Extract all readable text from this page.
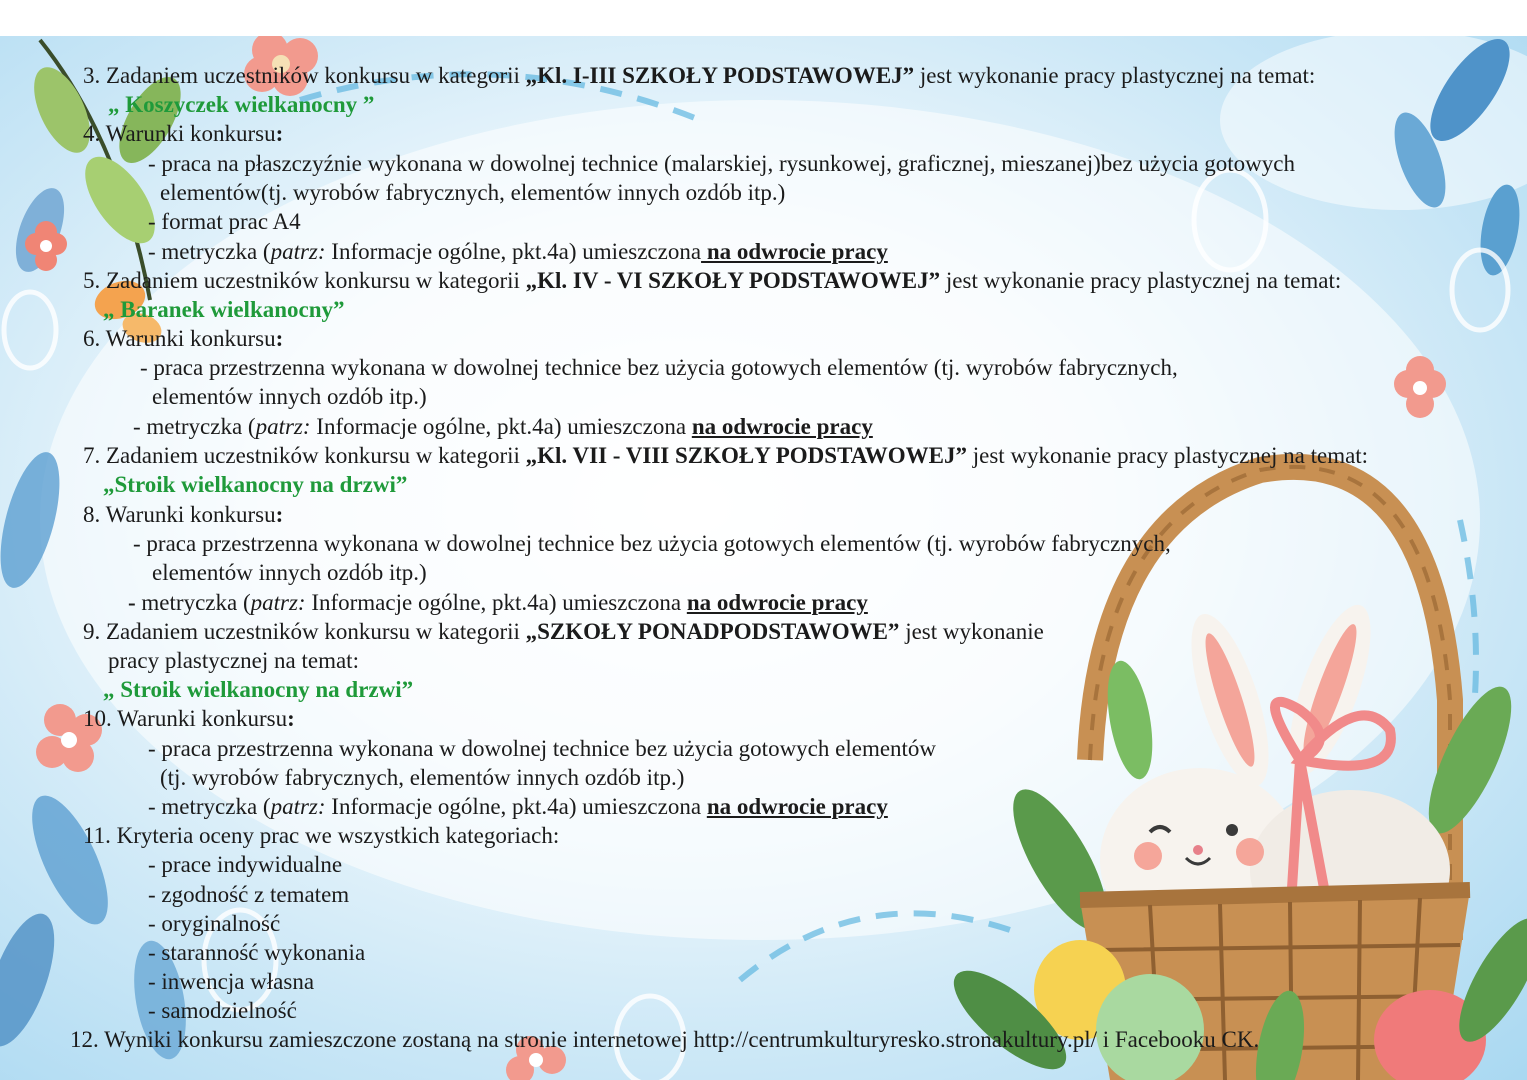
3. Zadaniem uczestników konkursu w kategorii „Kl. I-III SZKOŁY PODSTAWOWEJ” jest wykonanie pracy plastycznej na temat:
„ Koszyczek wielkanocny ”
4. Warunki konkursu:
- praca na płaszczyźnie wykonana w dowolnej technice (malarskiej, rysunkowej, graficznej, mieszanej)bez użycia gotowych
elementów(tj. wyrobów fabrycznych, elementów innych ozdób itp.)
- format prac A4
- metryczka (patrz: Informacje ogólne, pkt.4a) umieszczona na odwrocie pracy
5. Zadaniem uczestników konkursu w kategorii „Kl. IV - VI SZKOŁY PODSTAWOWEJ” jest wykonanie pracy plastycznej na temat:
„ Baranek wielkanocny”
6. Warunki konkursu:
- praca przestrzenna wykonana w dowolnej technice bez użycia gotowych elementów (tj. wyrobów fabrycznych,
elementów innych ozdób itp.)
- metryczka (patrz: Informacje ogólne, pkt.4a) umieszczona na odwrocie pracy
7. Zadaniem uczestników konkursu w kategorii „Kl. VII - VIII SZKOŁY PODSTAWOWEJ” jest wykonanie pracy plastycznej na temat:
„Stroik wielkanocny na drzwi”
8. Warunki konkursu:
- praca przestrzenna wykonana w dowolnej technice bez użycia gotowych elementów (tj. wyrobów fabrycznych,
elementów innych ozdób itp.)
- metryczka (patrz: Informacje ogólne, pkt.4a) umieszczona na odwrocie pracy
9. Zadaniem uczestników konkursu w kategorii „SZKOŁY PONADPODSTAWOWE” jest wykonanie
pracy plastycznej na temat:
„ Stroik wielkanocny na drzwi”
10. Warunki konkursu:
- praca przestrzenna wykonana w dowolnej technice bez użycia gotowych elementów
(tj. wyrobów fabrycznych, elementów innych ozdób itp.)
- metryczka (patrz: Informacje ogólne, pkt.4a) umieszczona na odwrocie pracy
11. Kryteria oceny prac we wszystkich kategoriach:
- prace indywidualne
- zgodność z tematem
- oryginalność
- staranność wykonania
- inwencja własna
- samodzielność
12. Wyniki konkursu zamieszczone zostaną na stronie internetowej http://centrumkulturyresko.stronakultury.pl/ i Facebooku CK.
